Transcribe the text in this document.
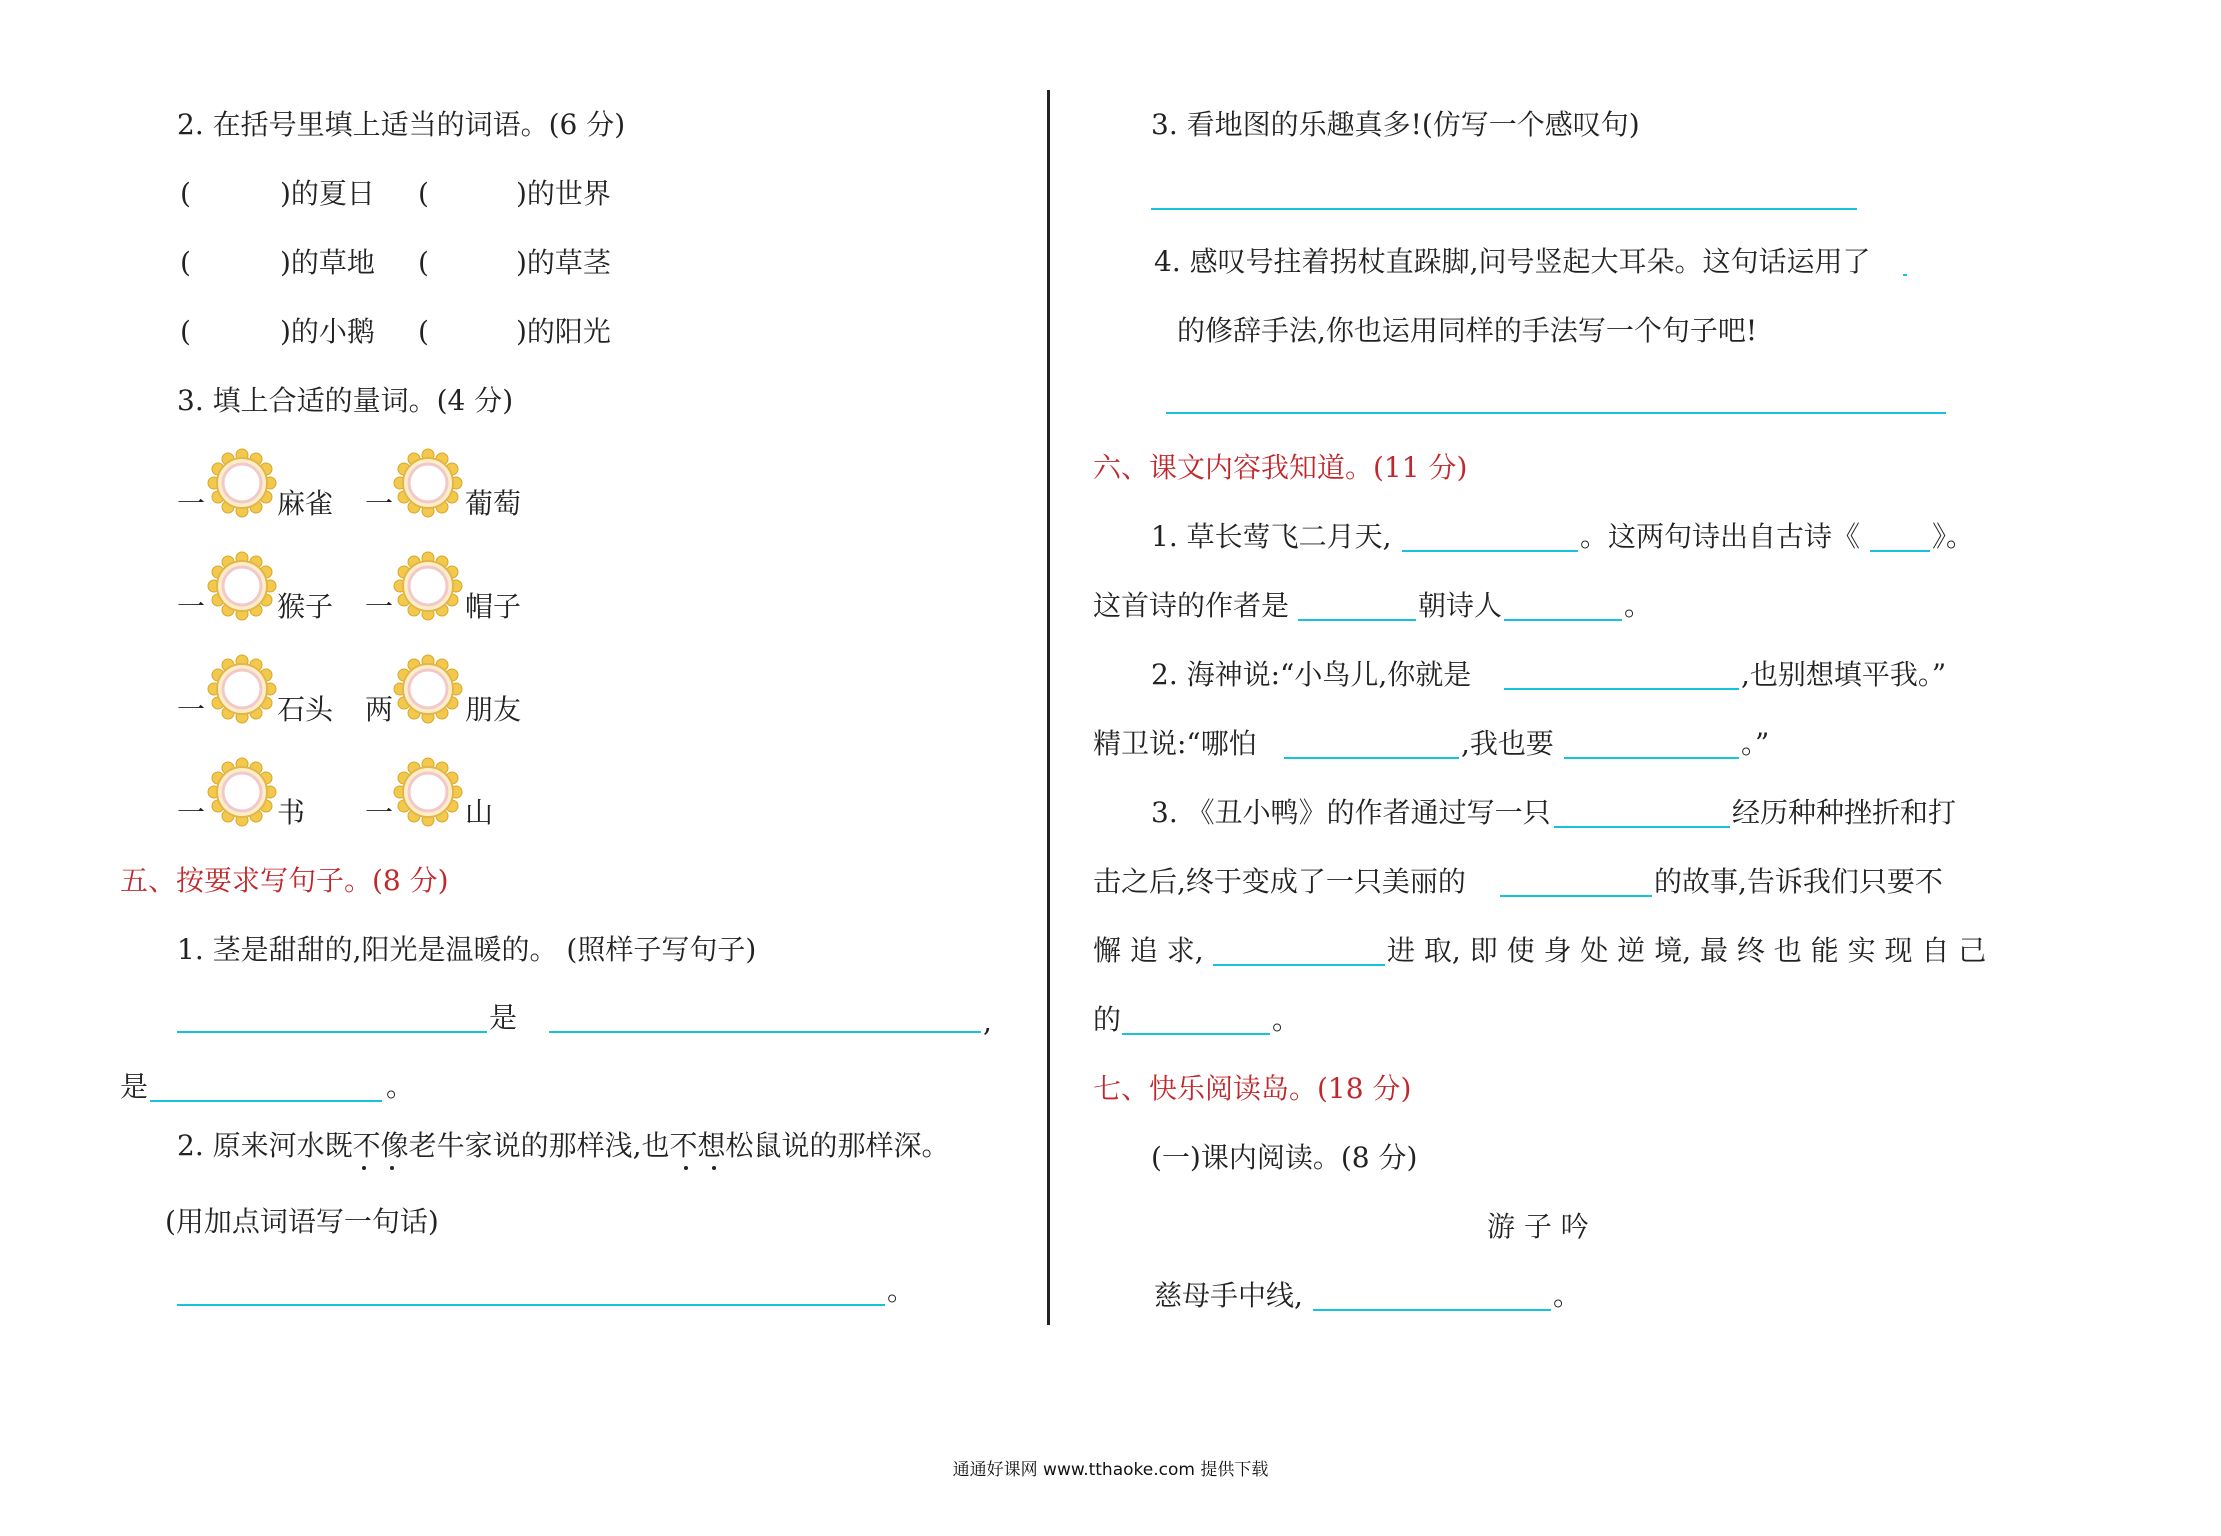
2. 在括号里填上适当的词语。(6 分)
(	)的夏日 (	)的世界
(	)的草地 (	)的草茎
(	)的小鹅 (	)的阳光
3. 填上合适的量词。(4 分)
一	麻雀 一	葡萄
一	猴子 一	帽子
一	石头 两	朋友
一	书 一	山
五、按要求写句子。(8 分)
1. 茎是甜甜的,阳光是温暖的。 (照样子写句子)
是	,
是	。
2. 原来河水既不像老牛家说的那样浅,也不想松鼠说的那样深。
(用加点词语写一句话)
。
3. 看地图的乐趣真多!(仿写一个感叹句)
4. 感叹号拄着拐杖直跺脚,问号竖起大耳朵。这句话运用了
的修辞手法,你也运用同样的手法写一个句子吧!
六、课文内容我知道。(11 分)
1. 草长莺飞二月天,	。这两句诗出自古诗《	》。
这首诗的作者是	朝诗人	。
2. 海神说:“小鸟儿,你就是	,也别想填平我。”
精卫说:“哪怕	,我也要	。”
3. 《丑小鸭》的作者通过写一只	经历种种挫折和打
击之后,终于变成了一只美丽的	的故事,告诉我们只要不
懈 追 求,	进 取, 即 使 身 处 逆 境, 最 终 也 能 实 现 自 己
的	。
七、快乐阅读岛。(18 分)
(一)课内阅读。(8 分)
游 子 吟
慈母手中线,	。
通通好课网 www.tthaoke.com 提供下载
